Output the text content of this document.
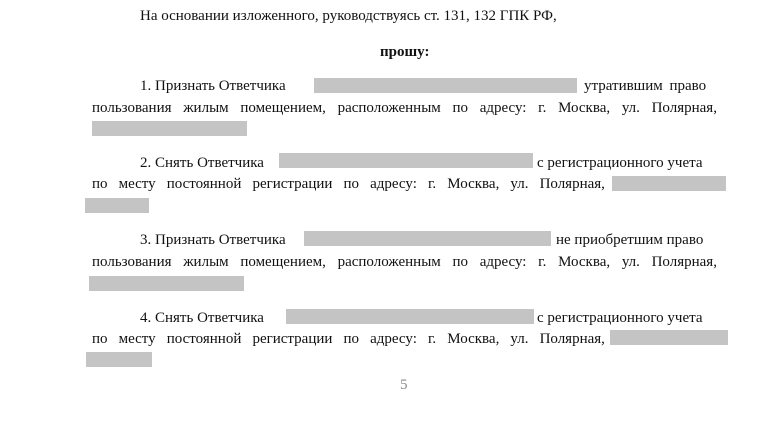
На основании изложенного, руководствуясь ст. 131, 132 ГПК РФ,
прошу:
1. Признать Ответчика	утратившим право
пользования жилым помещением, расположенным по адресу: г. Москва, ул. Полярная,
2. Снять Ответчика	с регистрационного учета
по месту постоянной регистрации по адресу: г. Москва, ул. Полярная,
3. Признать Ответчика	не приобретшим право
пользования жилым помещением, расположенным по адресу: г. Москва, ул. Полярная,
4. Снять Ответчика	с регистрационного учета
по месту постоянной регистрации по адресу: г. Москва, ул. Полярная,
5
